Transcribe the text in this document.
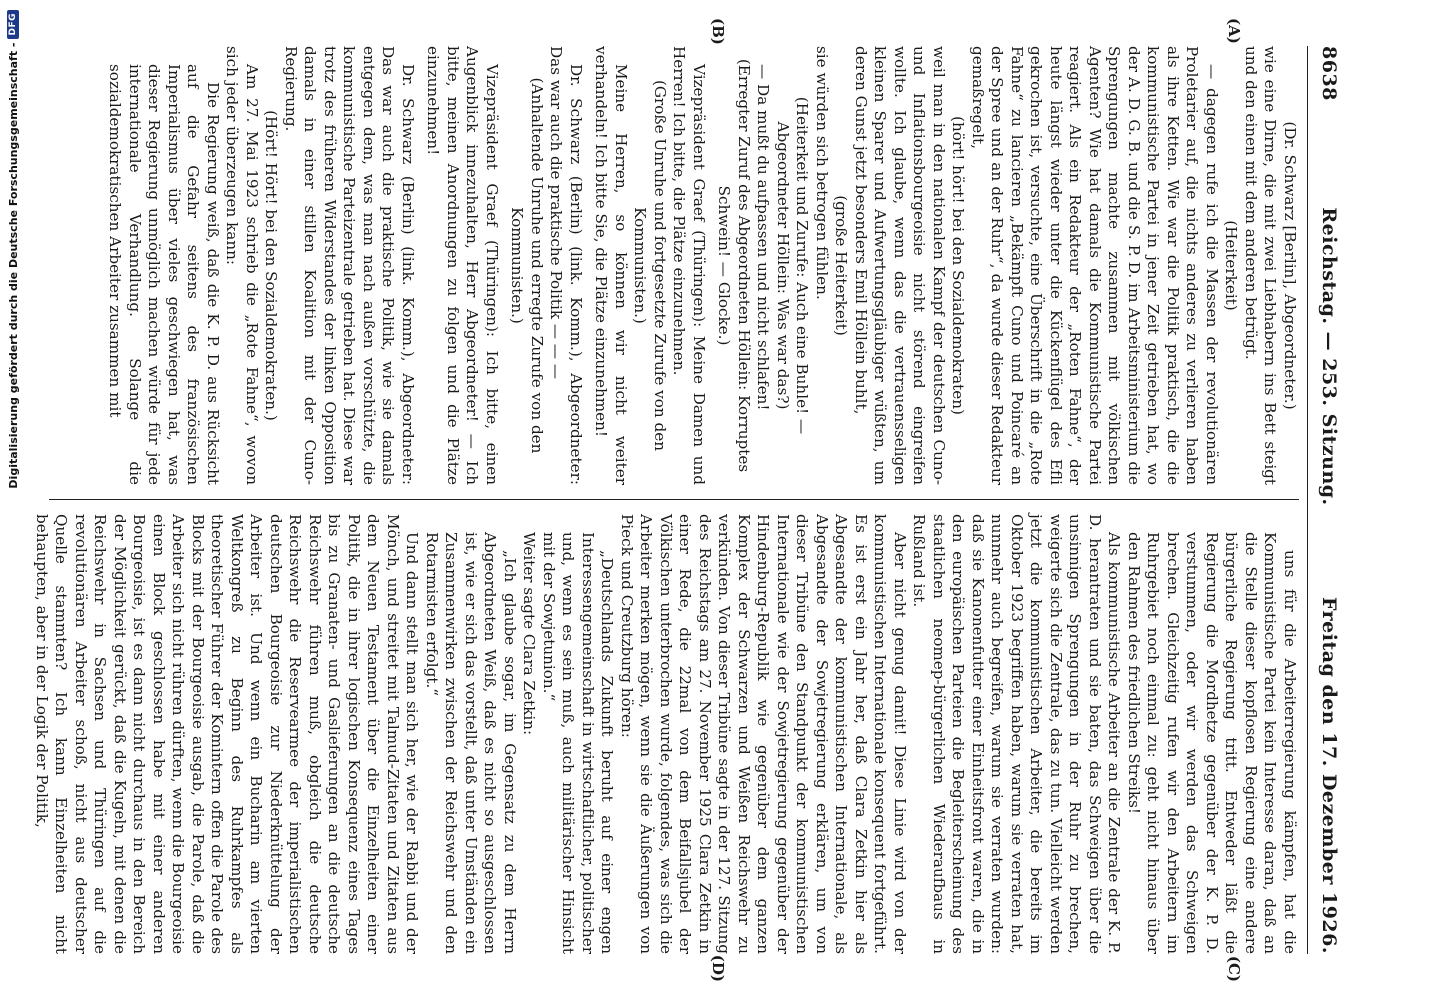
8638
Reichstag. — 253. Sitzung.
Freitag den 17. Dezember 1926.
(A)
(B)
(C)
(D)

(Dr. Schwarz [Berlin], Abgeordneter.)

wie eine Dirne, die mit zwei Liebhabern ins Bett steigt und den einen mit dem anderen betrügt.

(Heiterkeit)

— dagegen rufe ich die Massen der revolutionären Proletarier auf, die nichts anderes zu verlieren haben als ihre Ketten. Wie war die Politik praktisch, die die kommunistische Partei in jener Zeit getrieben hat, wo der A. D. G. B. und die S. P. D. im Arbeitsministerium die Sprengungen machte zusammen mit völkischen Agenten? Wie hat damals die Kommunistische Partei reagiert. Als ein Redakteur der „Roten Fahne“, der heute längst wieder unter die Kückenflügel des Efli gekrochen ist, versuchte, eine Überschrift in die „Rote Fahne“ zu lancieren „Bekämpft Cuno und Poincaré an der Spree und an der Ruhr“, da wurde dieser Redakteur gemaßregelt,

(hört! hört! bei den Sozialdemokraten)

weil man in den nationalen Kampf der deutschen Cuno- und Inflationsbourgeoisie nicht störend eingreifen wollte. Ich glaube, wenn das die vertrauensseligen kleinen Sparer und Aufwertungsgläubiger wüßten, um deren Gunst jetzt besonders Emil Höllein buhlt,

(große Heiterkeit)

sie würden sich betrogen fühlen.

(Heiterkeit und Zurufe: Auch eine Buhle! — Abgeordneter Höllein: Was war das?)

— Da mußt du aufpassen und nicht schlafen!

(Erregter Zuruf des Abgeordneten Höllein: Korruptes Schwein! — Glocke.)

Vizepräsident Graef (Thüringen): Meine Damen und Herren! Ich bitte, die Plätze einzunehmen.

(Große Unruhe und fortgesetzte Zurufe von den Kommunisten.)

Meine Herren, so können wir nicht weiter verhandeln! Ich bitte Sie, die Plätze einzunehmen!

Dr. Schwarz (Berlin) (link. Komm.), Abgeordneter: Das war auch die praktische Politik — — —

(Anhaltende Unruhe und erregte Zurufe von den Kommunisten.)

Vizepräsident Graef (Thüringen): Ich bitte, einen Augenblick innezuhalten, Herr Abgeordneter! — Ich bitte, meinen Anordnungen zu folgen und die Plätze einzunehmen!

Dr. Schwarz (Berlin) (link. Komm.), Abgeordneter: Das war auch die praktische Politik, wie sie damals entgegen dem, was man nach außen vorschützte, die kommunistische Parteizentrale getrieben hat. Diese war trotz des früheren Widerstandes der linken Opposition damals in einer stillen Koalition mit der Cuno-Regierung.

(Hört! Hört! bei den Sozialdemokraten.)

Am 27. Mai 1923 schrieb die „Rote Fahne“, wovon sich jeder überzeugen kann:

Die Regierung weiß, daß die K. P. D. aus Rücksicht auf die Gefahr seitens des französischen Imperialismus über vieles geschwiegen hat, was dieser Regierung unmöglich machen würde für jede internationale Verhandlung. Solange die sozialdemokratischen Arbeiter zusammen mit

uns für die Arbeiterregierung kämpfen, hat die Kommunistische Partei kein Interesse daran, daß an die Stelle dieser kopflosen Regierung eine andere bürgerliche Regierung tritt. Entweder läßt die Regierung die Mordhetze gegenüber der K. P. D. verstummen, oder wir werden das Schweigen brechen. Gleichzeitig rufen wir den Arbeitern im Ruhrgebiet noch einmal zu: geht nicht hinaus über den Rahmen des friedlichen Streiks!

Als kommunistische Arbeiter an die Zentrale der K. P. D. herantraten und sie baten, das Schweigen über die unsinnigen Sprengungen in der Ruhr zu brechen, weigerte sich die Zentrale, das zu tun. Vielleicht werden jetzt die kommunistischen Arbeiter, die bereits im Oktober 1923 begriffen haben, warum sie verraten hat, nunmehr auch begreifen, warum sie verraten wurden: daß sie Kanonenfutter einer Einheitsfront waren, die in den europäischen Parteien die Begleiterscheinung des staatlichen neomep-bürgerlichen Wiederaufbaus in Rußland ist.

Aber nicht genug damit! Diese Linie wird von der kommunistischen Internationale konsequent fortgeführt. Es ist erst ein Jahr her, daß Clara Zetkin hier als Abgesandte der kommunistischen Internationale, als Abgesandte der Sowjetregierung erklären, um von dieser Tribüne den Standpunkt der kommunistischen Internationale wie der Sowjetregierung gegenüber der Hindenburg-Republik wie gegenüber dem ganzen Komplex der Schwarzen und Weißen Reichswehr zu verkünden. Von dieser Tribüne sagte in der 127. Sitzung des Reichstags am 27. November 1925 Clara Zetkin in einer Rede, die 22mal von dem Beifallsjubel der Völkischen unterbrochen wurde, folgendes, was sich die Arbeiter merken mögen, wenn sie die Äußerungen von Pieck und Creutzburg hören:

„Deutschlands Zukunft beruht auf einer engen Interessengemeinschaft in wirtschaftlicher, politischer und, wenn es sein muß, auch militärischer Hinsicht mit der Sowjetunion.“

Weiter sagte Clara Zetkin:

„Ich glaube sogar, im Gegensatz zu dem Herrn Abgeordneten Weiß, daß es nicht so ausgeschlossen ist, wie er sich das vorstellt, daß unter Umständen ein Zusammenwirken zwischen der Reichswehr und den Rotarmisten erfolgt.“

Und dann stellt man sich her, wie der Rabbi und der Mönch, und streitet mit Talmud-Zitaten und Zitaten aus dem Neuen Testament über die Einzelheiten einer Politik, die in ihrer logischen Konsequenz eines Tages bis zu Granaten- und Gaslieferungen an die deutsche Reichswehr führen muß, obgleich die deutsche Reichswehr die Reservearmee der imperialistischen deutschen Bourgeoisie zur Niederknüttelung der Arbeiter ist. Und wenn ein Bucharin am vierten Weltkongreß zu Beginn des Ruhrkampfes als theoretischer Führer der Komintern offen die Parole des Blocks mit der Bourgeoisie ausgab, die Parole, daß die Arbeiter sich nicht rühren dürften, wenn die Bourgeoisie einen Block geschlossen habe mit einer anderen Bourgeoisie, ist es dann nicht durchaus in den Bereich der Möglichkeit gerückt, daß die Kugeln, mit denen die Reichswehr in Sachsen und Thüringen auf die revolutionären Arbeiter schoß, nicht aus deutscher Quelle stammten? Ich kann Einzelheiten nicht behaupten, aber in der Logik der Politik,

Digitalisierung gefördert durch die Deutsche Forschungsgemeinschaft -
DFG
